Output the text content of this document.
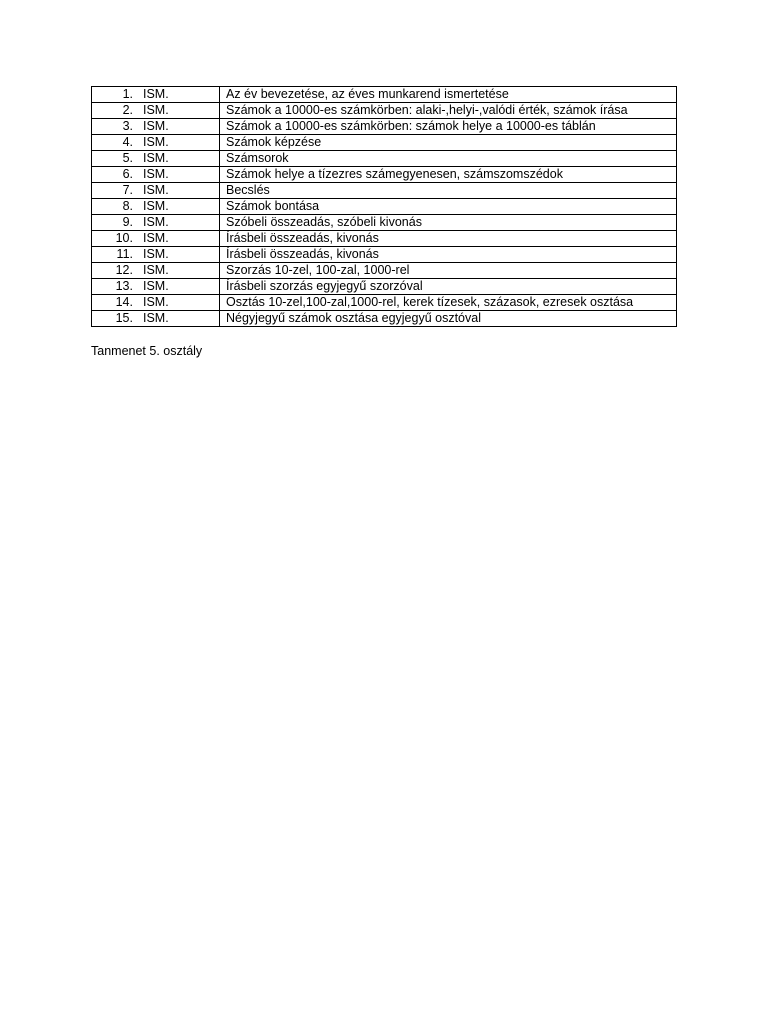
1. ISM.	Az év bevezetése, az éves munkarend ismertetése
2. ISM.	Számok a 10000-es számkörben: alaki-,helyi-,valódi érték, számok írása
3. ISM.	Számok a 10000-es számkörben: számok helye a 10000-es táblán
4. ISM.	Számok képzése
5. ISM.	Számsorok
6. ISM.	Számok helye a tízezres számegyenesen, számszomszédok
7. ISM.	Becslés
8. ISM.	Számok bontása
9. ISM.	Szóbeli összeadás, szóbeli kivonás
10. ISM.	Írásbeli összeadás, kivonás
11. ISM.	Írásbeli összeadás, kivonás
12. ISM.	Szorzás 10-zel, 100-zal, 1000-rel
13. ISM.	Írásbeli szorzás egyjegyű szorzóval
14. ISM.	Osztás 10-zel,100-zal,1000-rel, kerek tízesek, százasok, ezresek osztása
15. ISM.	Négyjegyű számok osztása egyjegyű osztóval
Tanmenet 5. osztály
